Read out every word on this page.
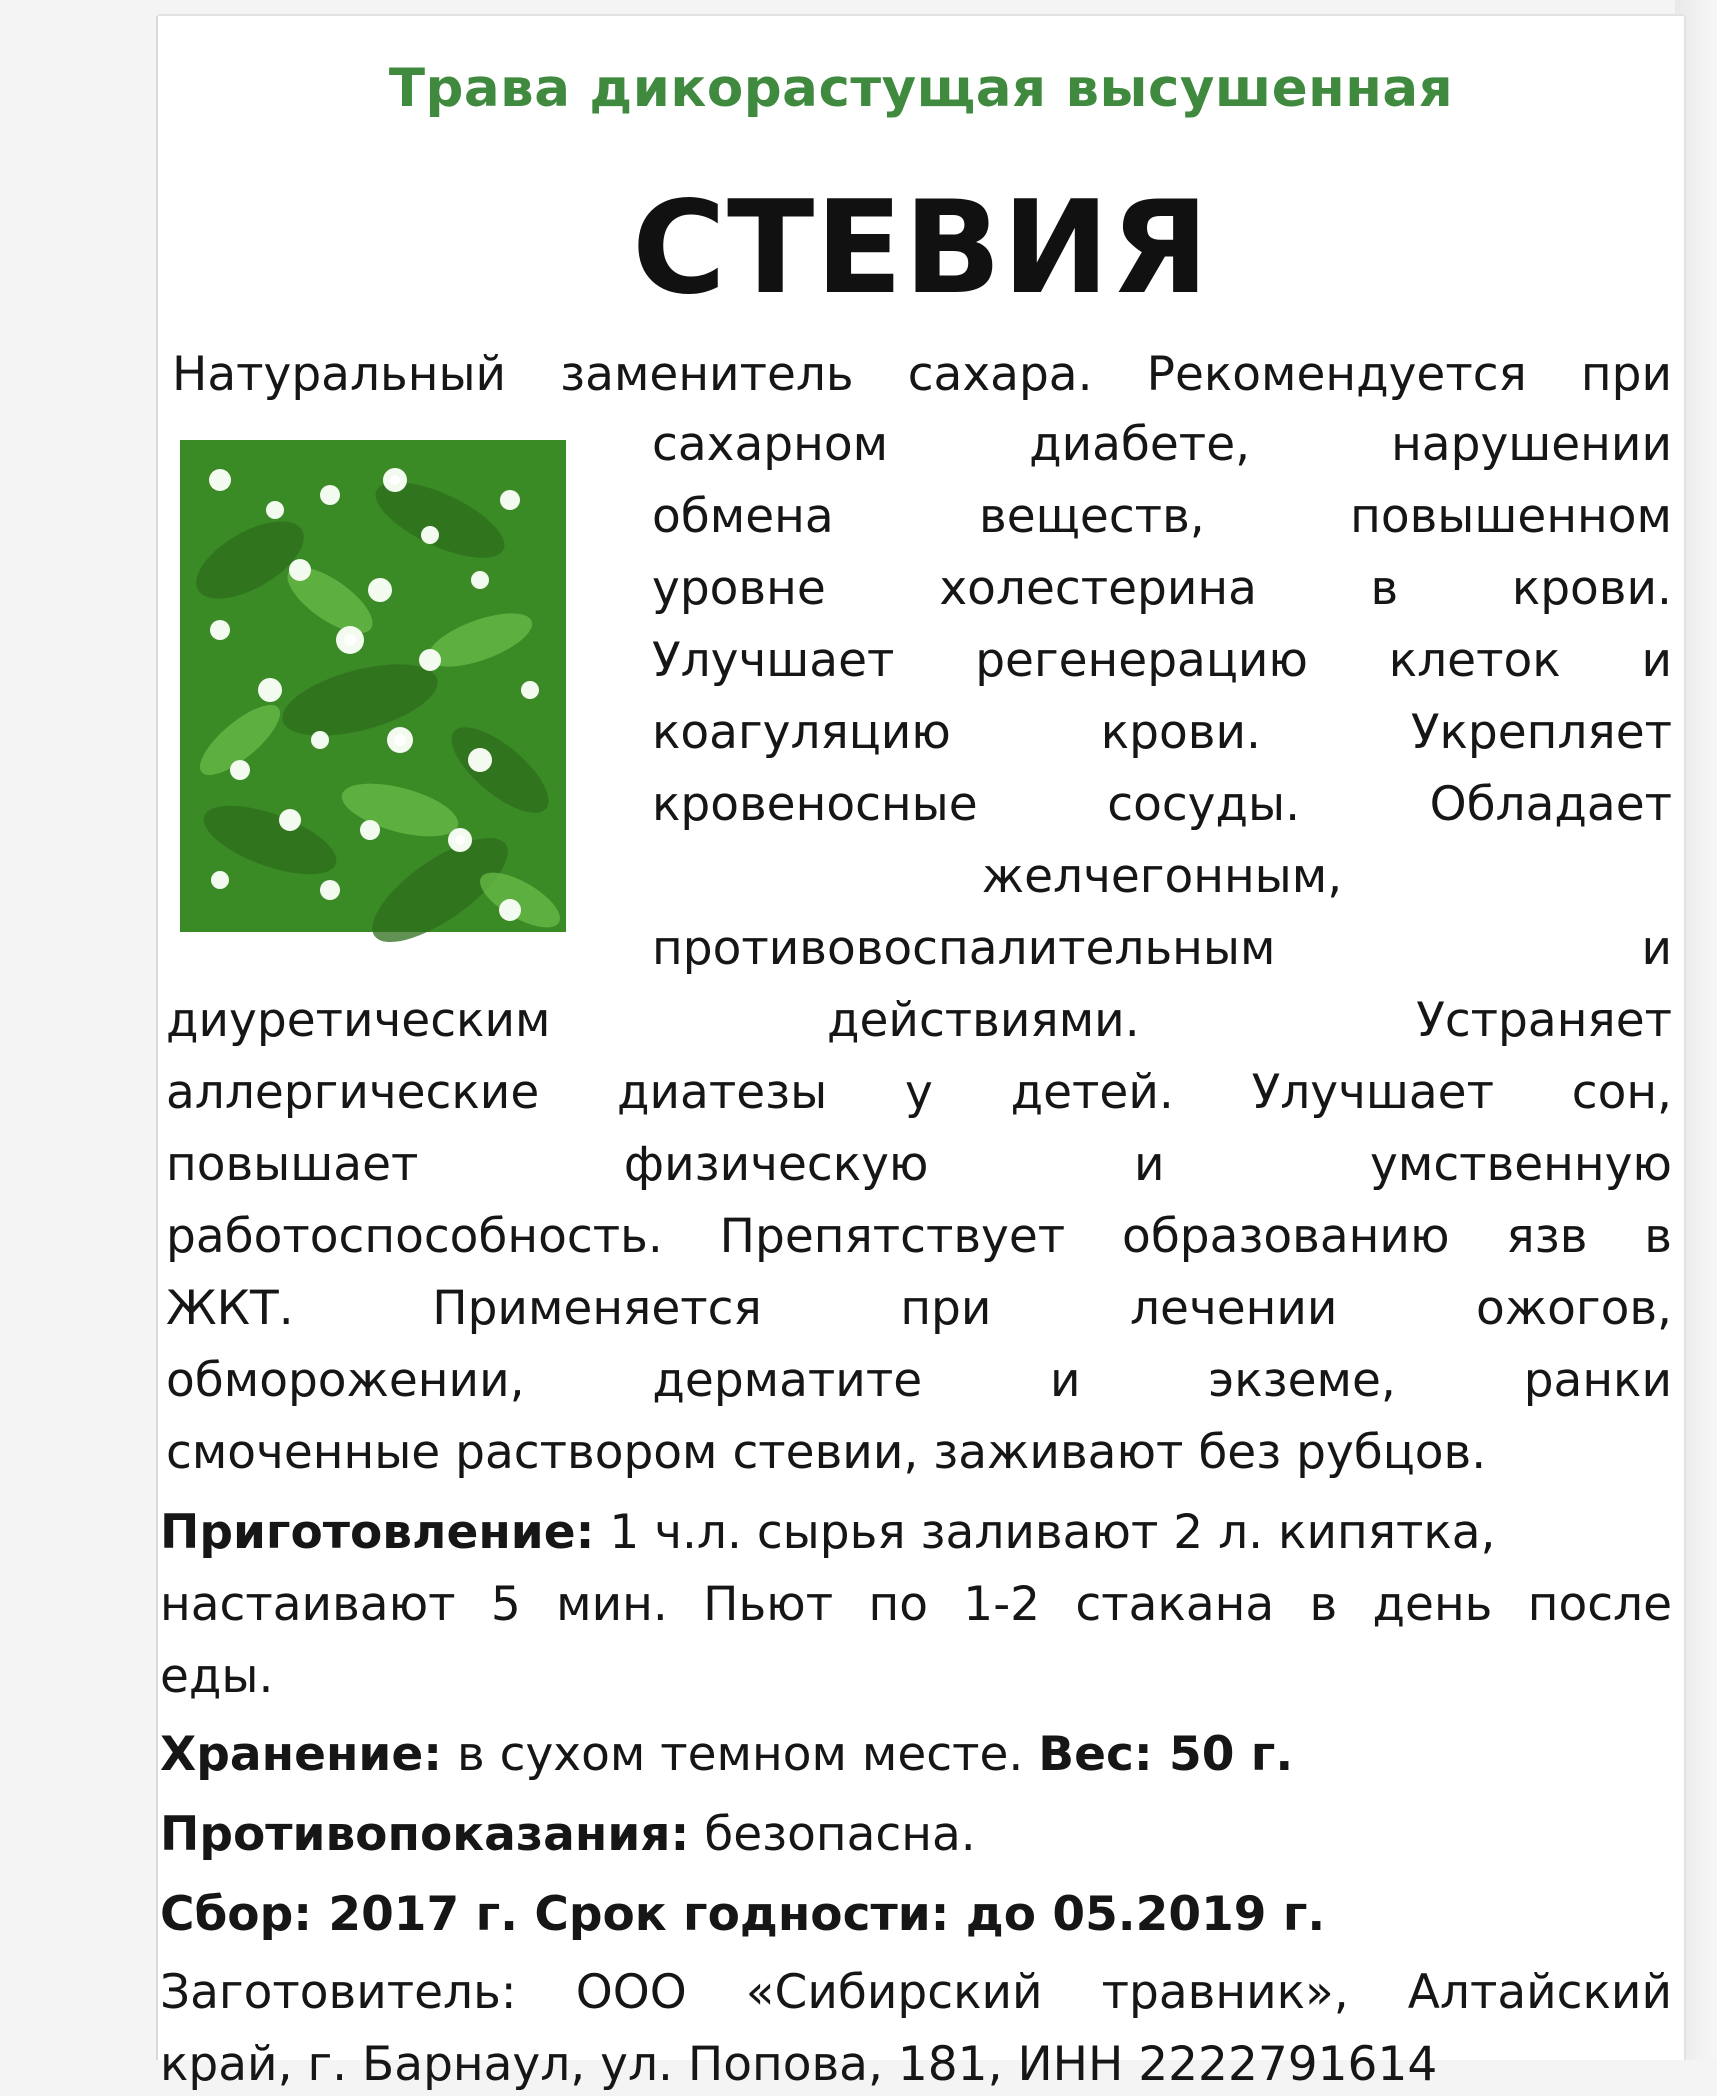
Трава дикорастущая высушенная
СТЕВИЯ
Натуральный заменитель сахара. Рекомендуется при
сахарном диабете, нарушении
обмена веществ, повышенном
уровне холестерина в крови.
Улучшает регенерацию клеток и
коагуляцию крови. Укрепляет
кровеносные сосуды. Обладает
желчегонным,
противовоспалительным и
диуретическим действиями. Устраняет
аллергические диатезы у детей. Улучшает сон,
повышает физическую и умственную
работоспособность. Препятствует образованию язв в
ЖКТ. Применяется при лечении ожогов,
обморожении, дерматите и экземе, ранки
смоченные раствором стевии, заживают без рубцов.
Приготовление: 1 ч.л. сырья заливают 2 л. кипятка,
настаивают 5 мин. Пьют по 1-2 стакана в день после
еды.
Хранение: в сухом темном месте. Вес: 50 г.
Противопоказания: безопасна.
Сбор: 2017 г. Срок годности: до 05.2019 г.
Заготовитель: ООО «Сибирский травник», Алтайский
край, г. Барнаул, ул. Попова, 181, ИНН 2222791614
